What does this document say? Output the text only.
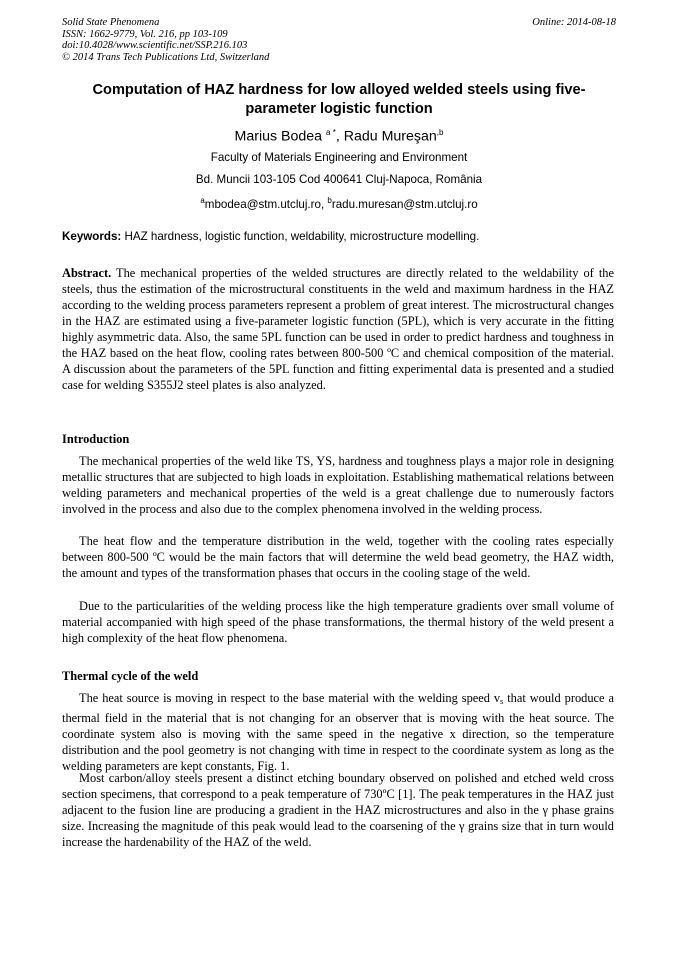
Solid State Phenomena
ISSN: 1662-9779, Vol. 216, pp 103-109
doi:10.4028/www.scientific.net/SSP.216.103
© 2014 Trans Tech Publications Ltd, Switzerland
Online: 2014-08-18
Computation of HAZ hardness for low alloyed welded steels using five-parameter logistic function
Marius Bodea $^{a *}$, Radu Mureşan$^{,b}$
Faculty of Materials Engineering and Environment
Bd. Muncii 103-105 Cod 400641 Cluj-Napoca, România
$^a$mbodea@stm.utcluj.ro, $^b$radu.muresan@stm.utcluj.ro
Keywords: HAZ hardness, logistic function, weldability, microstructure modelling.
Abstract. The mechanical properties of the welded structures are directly related to the weldability of the steels, thus the estimation of the microstructural constituents in the weld and maximum hardness in the HAZ according to the welding process parameters represent a problem of great interest. The microstructural changes in the HAZ are estimated using a five-parameter logistic function (5PL), which is very accurate in the fitting highly asymmetric data. Also, the same 5PL function can be used in order to predict hardness and toughness in the HAZ based on the heat flow, cooling rates between 800-500 ºC and chemical composition of the material. A discussion about the parameters of the 5PL function and fitting experimental data is presented and a studied case for welding S355J2 steel plates is also analyzed.
Introduction
The mechanical properties of the weld like TS, YS, hardness and toughness plays a major role in designing metallic structures that are subjected to high loads in exploitation. Establishing mathematical relations between welding parameters and mechanical properties of the weld is a great challenge due to numerously factors involved in the process and also due to the complex phenomena involved in the welding process.
The heat flow and the temperature distribution in the weld, together with the cooling rates especially between 800-500 ºC would be the main factors that will determine the weld bead geometry, the HAZ width, the amount and types of the transformation phases that occurs in the cooling stage of the weld.
Due to the particularities of the welding process like the high temperature gradients over small volume of material accompanied with high speed of the phase transformations, the thermal history of the weld present a high complexity of the heat flow phenomena.
Thermal cycle of the weld
The heat source is moving in respect to the base material with the welding speed $v_s$ that would produce a thermal field in the material that is not changing for an observer that is moving with the heat source. The coordinate system also is moving with the same speed in the negative x direction, so the temperature distribution and the pool geometry is not changing with time in respect to the coordinate system as long as the welding parameters are kept constants, Fig. 1.
Most carbon/alloy steels present a distinct etching boundary observed on polished and etched weld cross section specimens, that correspond to a peak temperature of 730ºC [1]. The peak temperatures in the HAZ just adjacent to the fusion line are producing a gradient in the HAZ microstructures and also in the γ phase grains size. Increasing the magnitude of this peak would lead to the coarsening of the γ grains size that in turn would increase the hardenability of the HAZ of the weld.
